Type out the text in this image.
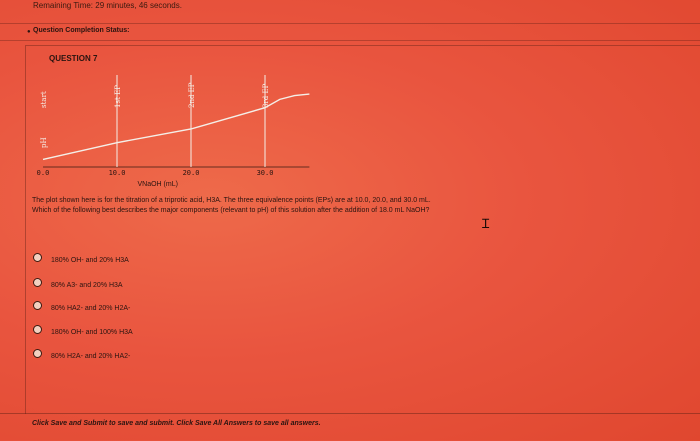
Remaining Time: 29 minutes, 46 seconds.
● Question Completion Status:
QUESTION 7
start	1st EP	2nd EP	3rd EP
pH
0.0	10.0	20.0	30.0
VNaOH (mL)
The plot shown here is for the titration of a triprotic acid, H3A. The three equivalence points (EPs) are at 10.0, 20.0, and 30.0 mL.
Which of the following best describes the major components (relevant to pH) of this solution after the addition of 18.0 mL NaOH?
180% OH- and 20% H3A
80% A3- and 20% H3A
80% HA2- and 20% H2A-
180% OH- and 100% H3A
80% H2A- and 20% HA2-
Click Save and Submit to save and submit. Click Save All Answers to save all answers.
Ɪ
